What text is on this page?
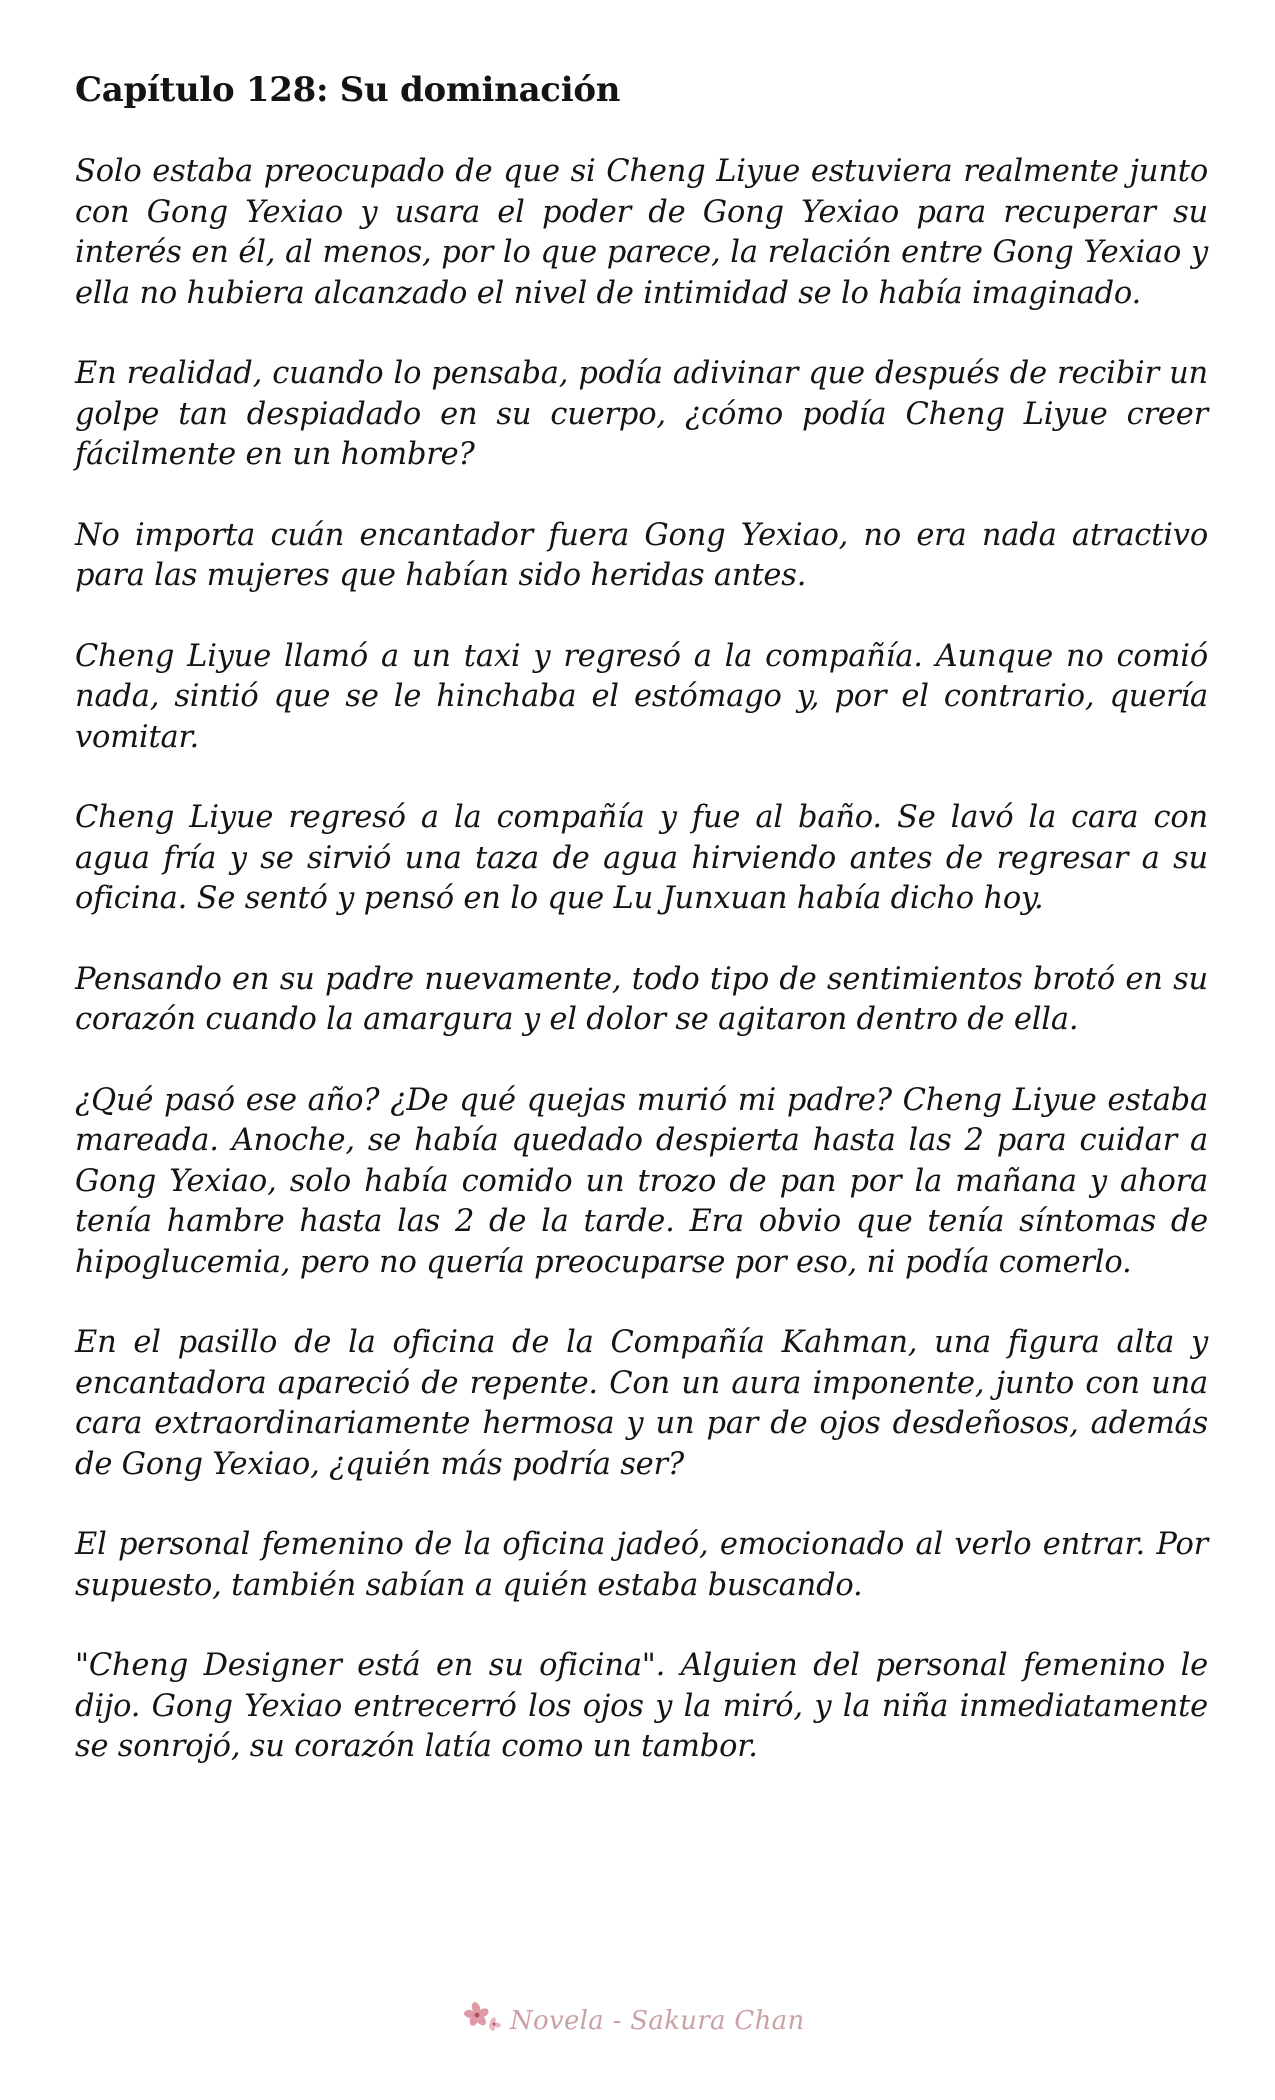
Capítulo 128: Su dominación

Solo estaba preocupado de que si Cheng Liyue estuviera realmente junto con Gong Yexiao y usara el poder de Gong Yexiao para recuperar su interés en él, al menos, por lo que parece, la relación entre Gong Yexiao y ella no hubiera alcanzado el nivel de intimidad se lo había imaginado.

En realidad, cuando lo pensaba, podía adivinar que después de recibir un golpe tan despiadado en su cuerpo, ¿cómo podía Cheng Liyue creer fácilmente en un hombre?

No importa cuán encantador fuera Gong Yexiao, no era nada atractivo para las mujeres que habían sido heridas antes.

Cheng Liyue llamó a un taxi y regresó a la compañía. Aunque no comió nada, sintió que se le hinchaba el estómago y, por el contrario, quería vomitar.

Cheng Liyue regresó a la compañía y fue al baño. Se lavó la cara con agua fría y se sirvió una taza de agua hirviendo antes de regresar a su oficina. Se sentó y pensó en lo que Lu Junxuan había dicho hoy.

Pensando en su padre nuevamente, todo tipo de sentimientos brotó en su corazón cuando la amargura y el dolor se agitaron dentro de ella.

¿Qué pasó ese año? ¿De qué quejas murió mi padre? Cheng Liyue estaba mareada. Anoche, se había quedado despierta hasta las 2 para cuidar a Gong Yexiao, solo había comido un trozo de pan por la mañana y ahora tenía hambre hasta las 2 de la tarde. Era obvio que tenía síntomas de hipoglucemia, pero no quería preocuparse por eso, ni podía comerlo.

En el pasillo de la oficina de la Compañía Kahman, una figura alta y encantadora apareció de repente. Con un aura imponente, junto con una cara extraordinariamente hermosa y un par de ojos desdeñosos, además de Gong Yexiao, ¿quién más podría ser?

El personal femenino de la oficina jadeó, emocionado al verlo entrar. Por supuesto, también sabían a quién estaba buscando.

"Cheng Designer está en su oficina". Alguien del personal femenino le dijo. Gong Yexiao entrecerró los ojos y la miró, y la niña inmediatamente se sonrojó, su corazón latía como un tambor.

Novela - Sakura Chan
